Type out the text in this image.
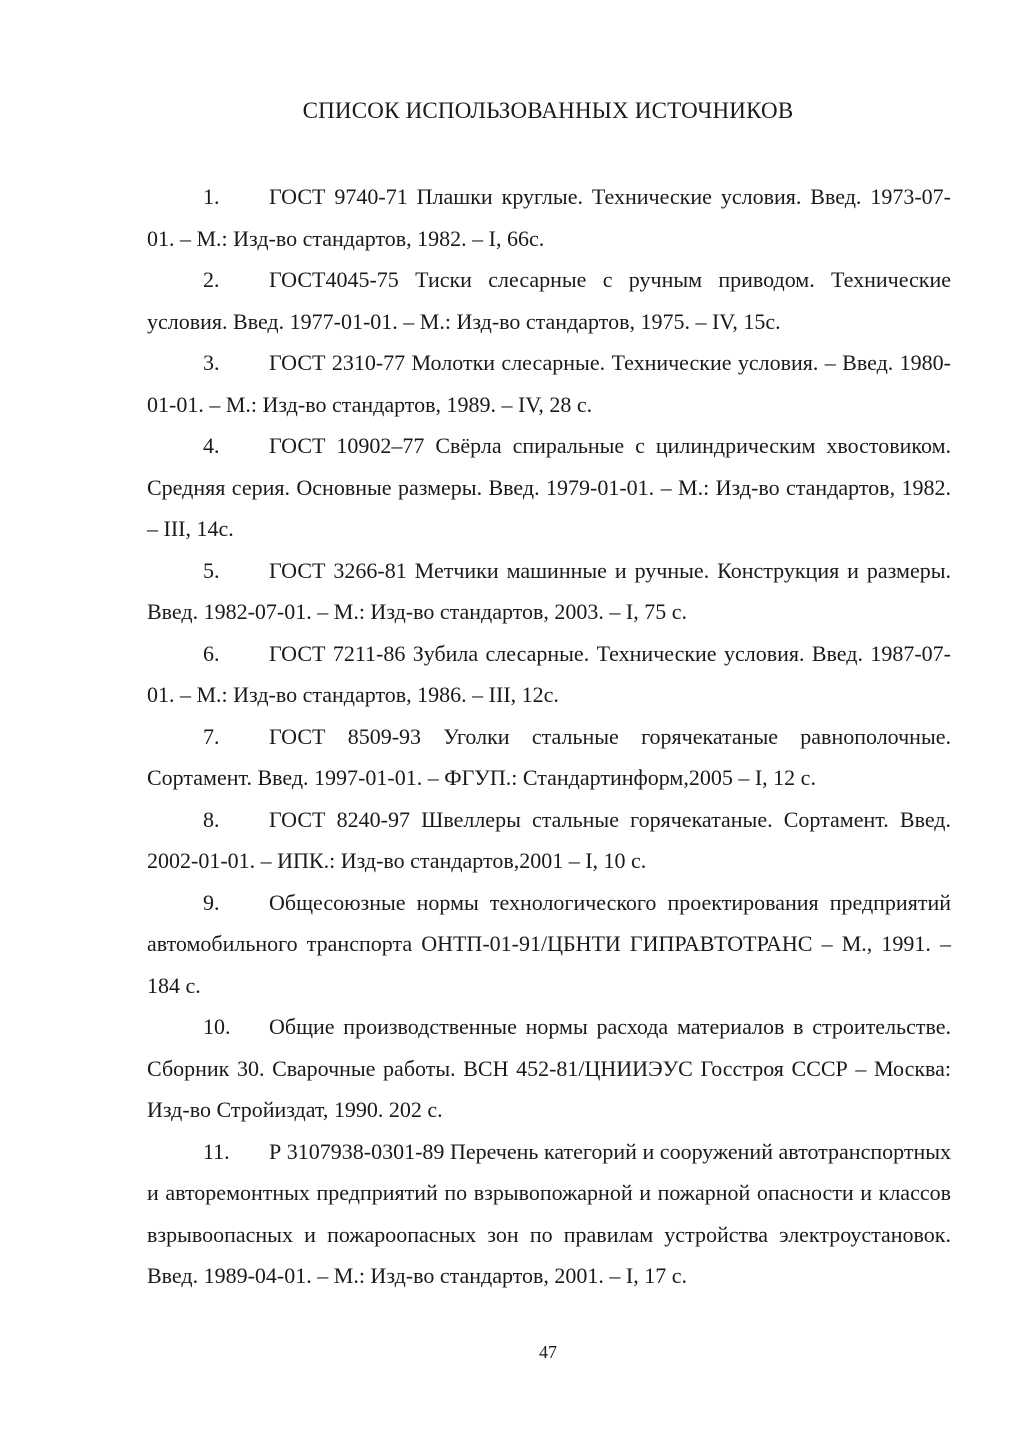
СПИСОК ИСПОЛЬЗОВАННЫХ ИСТОЧНИКОВ

1. ГОСТ 9740-71 Плашки круглые. Технические условия. Введ. 1973-07-01. – М.: Изд-во стандартов, 1982. – I, 66с.

2. ГОСТ4045-75 Тиски слесарные с ручным приводом. Технические условия. Введ. 1977-01-01. – М.: Изд-во стандартов, 1975. – IV, 15с.

3. ГОСТ 2310-77 Молотки слесарные. Технические условия. – Введ. 1980-01-01. – М.: Изд-во стандартов, 1989. – IV, 28 с.

4. ГОСТ 10902–77 Свёрла спиральные с цилиндрическим хвостовиком. Средняя серия. Основные размеры. Введ. 1979-01-01. – М.: Изд-во стандартов, 1982. – III, 14с.

5. ГОСТ 3266-81 Метчики машинные и ручные. Конструкция и размеры. Введ. 1982-07-01. – М.: Изд-во стандартов, 2003. – I, 75 с.

6. ГОСТ 7211-86 Зубила слесарные. Технические условия. Введ. 1987-07-01. – М.: Изд-во стандартов, 1986. – III, 12с.

7. ГОСТ 8509-93 Уголки стальные горячекатаные равнополочные. Сортамент. Введ. 1997-01-01. – ФГУП.: Стандартинформ,2005 – I, 12 с.

8. ГОСТ 8240-97 Швеллеры стальные горячекатаные. Сортамент. Введ. 2002-01-01. – ИПК.: Изд-во стандартов,2001 – I, 10 с.

9. Общесоюзные нормы технологического проектирования предприятий автомобильного транспорта ОНТП-01-91/ЦБНТИ ГИПРАВТОТРАНС – М., 1991. – 184 с.

10. Общие производственные нормы расхода материалов в строительстве. Сборник 30. Сварочные работы. ВСН 452-81/ЦНИИЭУС Госстроя СССР – Москва: Изд-во Стройиздат, 1990. 202 с.

11. Р 3107938-0301-89 Перечень категорий и сооружений автотранспортных и авторемонтных предприятий по взрывопожарной и пожарной опасности и классов взрывоопасных и пожароопасных зон по правилам устройства электроустановок. Введ. 1989-04-01. – М.: Изд-во стандартов, 2001. – I, 17 с.

47
